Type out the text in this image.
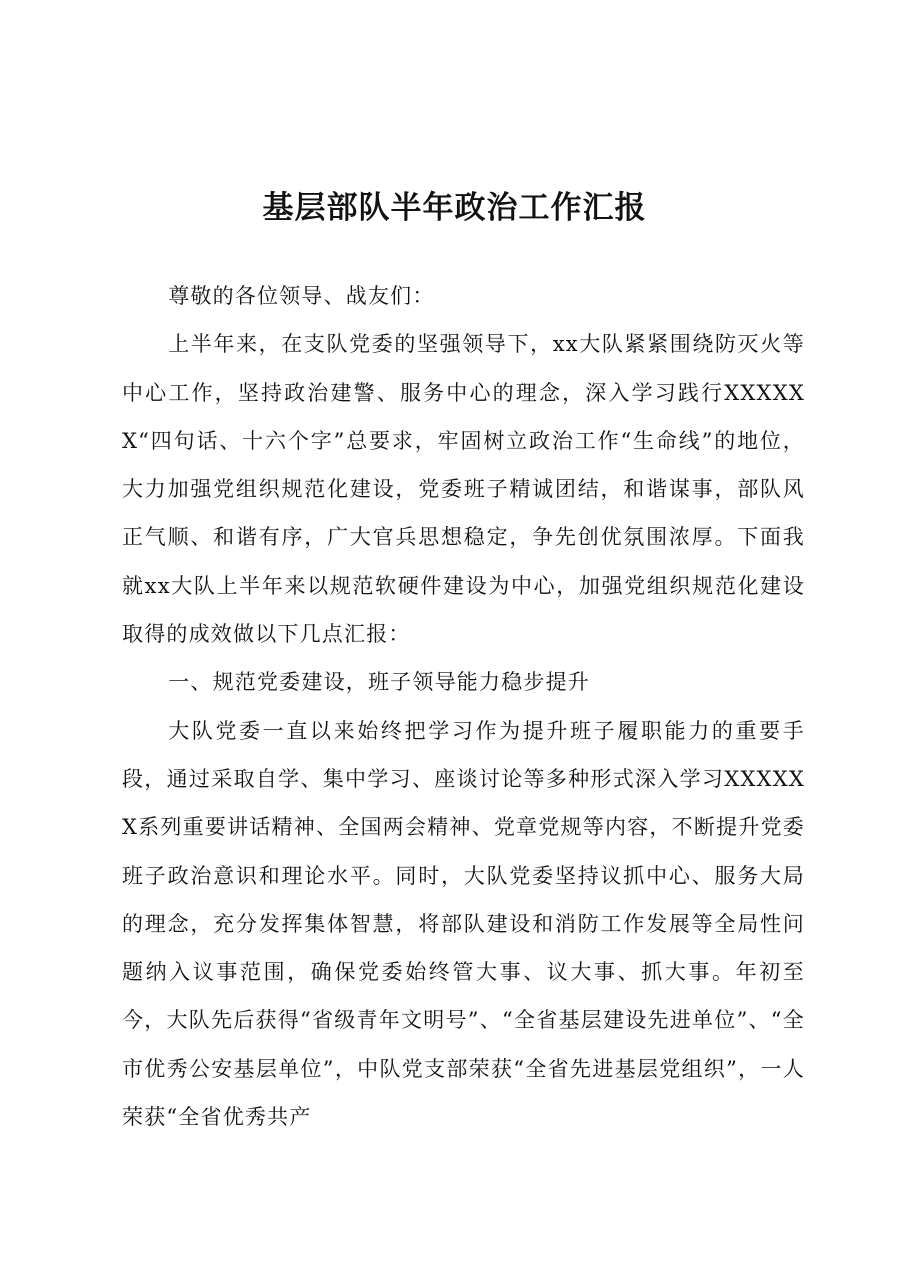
基层部队半年政治工作汇报

尊敬的各位领导、战友们：

上半年来，在支队党委的坚强领导下，xx大队紧紧围绕防灭火等中心工作，坚持政治建警、服务中心的理念，深入学习践行XXXXXX“四句话、十六个字”总要求，牢固树立政治工作“生命线”的地位，大力加强党组织规范化建设，党委班子精诚团结，和谐谋事，部队风正气顺、和谐有序，广大官兵思想稳定，争先创优氛围浓厚。下面我就xx大队上半年来以规范软硬件建设为中心，加强党组织规范化建设取得的成效做以下几点汇报：

一、规范党委建设，班子领导能力稳步提升

大队党委一直以来始终把学习作为提升班子履职能力的重要手段，通过采取自学、集中学习、座谈讨论等多种形式深入学习XXXXXX系列重要讲话精神、全国两会精神、党章党规等内容，不断提升党委班子政治意识和理论水平。同时，大队党委坚持议抓中心、服务大局的理念，充分发挥集体智慧，将部队建设和消防工作发展等全局性问题纳入议事范围，确保党委始终管大事、议大事、抓大事。年初至今，大队先后获得“省级青年文明号”、“全省基层建设先进单位”、“全市优秀公安基层单位”，中队党支部荣获“全省先进基层党组织”，一人荣获“全省优秀共产
